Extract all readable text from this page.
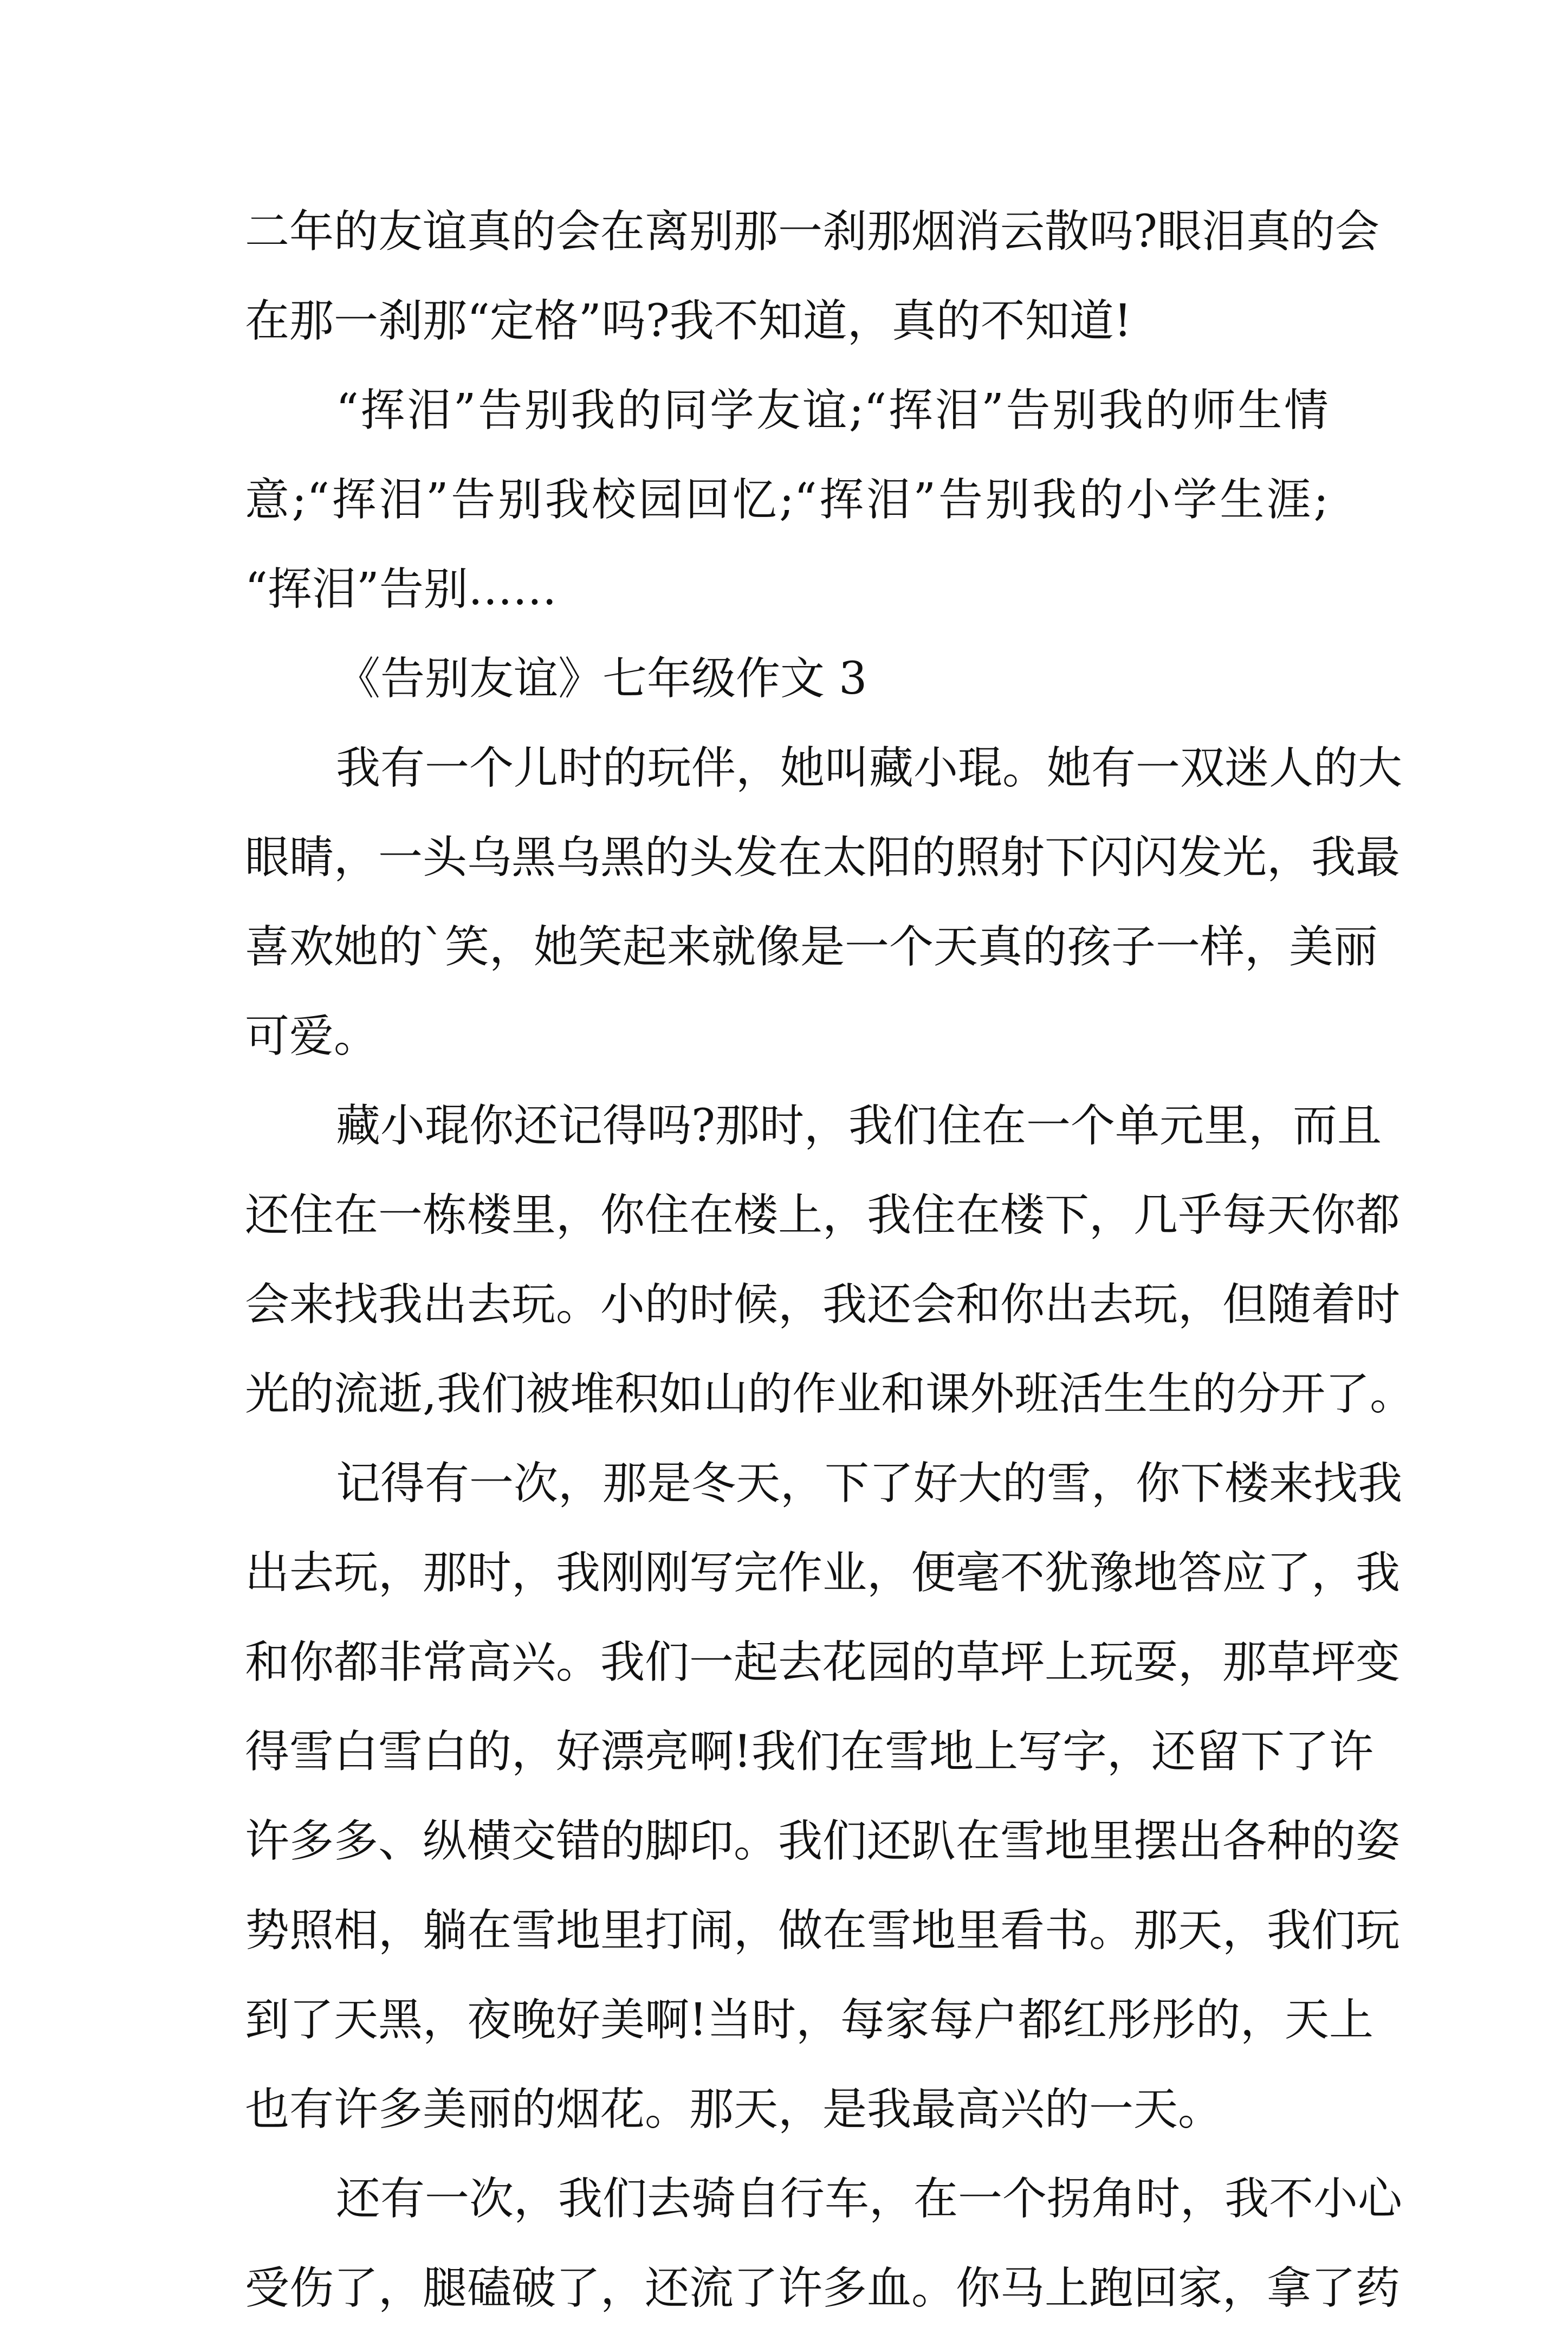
二年的友谊真的会在离别那一刹那烟消云散吗?眼泪真的会
在那一刹那“定格”吗?我不知道，真的不知道!
“挥泪”告别我的同学友谊;“挥泪”告别我的师生情
意;“挥泪”告别我校园回忆;“挥泪”告别我的小学生涯;
“挥泪”告别……
《告别友谊》七年级作文 3
我有一个儿时的玩伴，她叫藏小琨。她有一双迷人的大
眼睛，一头乌黑乌黑的头发在太阳的照射下闪闪发光，我最
喜欢她的`笑，她笑起来就像是一个天真的孩子一样，美丽
可爱。
藏小琨你还记得吗?那时，我们住在一个单元里，而且
还住在一栋楼里，你住在楼上，我住在楼下，几乎每天你都
会来找我出去玩。小的时候，我还会和你出去玩，但随着时
光的流逝,我们被堆积如山的作业和课外班活生生的分开了。
记得有一次，那是冬天，下了好大的雪，你下楼来找我
出去玩，那时，我刚刚写完作业，便毫不犹豫地答应了，我
和你都非常高兴。我们一起去花园的草坪上玩耍，那草坪变
得雪白雪白的，好漂亮啊!我们在雪地上写字，还留下了许
许多多、纵横交错的脚印。我们还趴在雪地里摆出各种的姿
势照相，躺在雪地里打闹，做在雪地里看书。那天，我们玩
到了天黑，夜晚好美啊!当时，每家每户都红彤彤的，天上
也有许多美丽的烟花。那天，是我最高兴的一天。
还有一次，我们去骑自行车，在一个拐角时，我不小心
受伤了，腿磕破了，还流了许多血。你马上跑回家，拿了药
